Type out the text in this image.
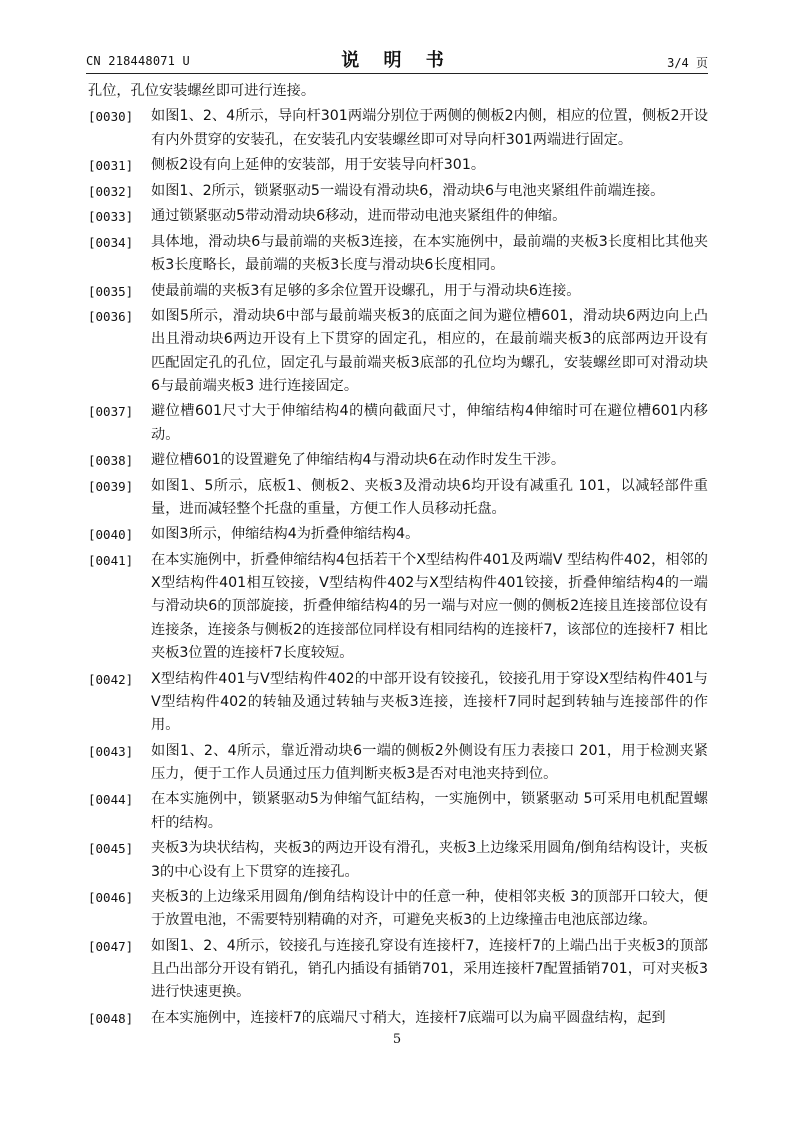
CN 218448071 U	说 明 书	3/4 页
孔位，孔位安装螺丝即可进行连接。
[0030]	如图1、2、4所示，导向杆301两端分别位于两侧的侧板2内侧，相应的位置，侧板2开设有内外贯穿的安装孔，在安装孔内安装螺丝即可对导向杆301两端进行固定。
[0031]	侧板2设有向上延伸的安装部，用于安装导向杆301。
[0032]	如图1、2所示，锁紧驱动5一端设有滑动块6，滑动块6与电池夹紧组件前端连接。
[0033]	通过锁紧驱动5带动滑动块6移动，进而带动电池夹紧组件的伸缩。
[0034]	具体地，滑动块6与最前端的夹板3连接，在本实施例中，最前端的夹板3长度相比其他夹板3长度略长，最前端的夹板3长度与滑动块6长度相同。
[0035]	使最前端的夹板3有足够的多余位置开设螺孔，用于与滑动块6连接。
[0036]	如图5所示，滑动块6中部与最前端夹板3的底面之间为避位槽601，滑动块6两边向上凸出且滑动块6两边开设有上下贯穿的固定孔，相应的，在最前端夹板3的底部两边开设有匹配固定孔的孔位，固定孔与最前端夹板3底部的孔位均为螺孔，安装螺丝即可对滑动块6与最前端夹板3 进行连接固定。
[0037]	避位槽601尺寸大于伸缩结构4的横向截面尺寸，伸缩结构4伸缩时可在避位槽601内移动。
[0038]	避位槽601的设置避免了伸缩结构4与滑动块6在动作时发生干涉。
[0039]	如图1、5所示，底板1、侧板2、夹板3及滑动块6均开设有减重孔 101，以减轻部件重量，进而减轻整个托盘的重量，方便工作人员移动托盘。
[0040]	如图3所示，伸缩结构4为折叠伸缩结构4。
[0041]	在本实施例中，折叠伸缩结构4包括若干个X型结构件401及两端V 型结构件402，相邻的X型结构件401相互铰接，V型结构件402与X型结构件401铰接，折叠伸缩结构4的一端与滑动块6的顶部旋接，折叠伸缩结构4的另一端与对应一侧的侧板2连接且连接部位设有连接条，连接条与侧板2的连接部位同样设有相同结构的连接杆7，该部位的连接杆7 相比夹板3位置的连接杆7长度较短。
[0042]	X型结构件401与V型结构件402的中部开设有铰接孔，铰接孔用于穿设X型结构件401与V型结构件402的转轴及通过转轴与夹板3连接，连接杆7同时起到转轴与连接部件的作用。
[0043]	如图1、2、4所示，靠近滑动块6一端的侧板2外侧设有压力表接口 201，用于检测夹紧压力，便于工作人员通过压力值判断夹板3是否对电池夹持到位。
[0044]	在本实施例中，锁紧驱动5为伸缩气缸结构，一实施例中，锁紧驱动 5可采用电机配置螺杆的结构。
[0045]	夹板3为块状结构，夹板3的两边开设有滑孔，夹板3上边缘采用圆角/倒角结构设计，夹板3的中心设有上下贯穿的连接孔。
[0046]	夹板3的上边缘采用圆角/倒角结构设计中的任意一种，使相邻夹板 3的顶部开口较大，便于放置电池，不需要特别精确的对齐，可避免夹板3的上边缘撞击电池底部边缘。
[0047]	如图1、2、4所示，铰接孔与连接孔穿设有连接杆7，连接杆7的上端凸出于夹板3的顶部且凸出部分开设有销孔，销孔内插设有插销701，采用连接杆7配置插销701，可对夹板3进行快速更换。
[0048]	在本实施例中，连接杆7的底端尺寸稍大，连接杆7底端可以为扁平圆盘结构，起到
5
